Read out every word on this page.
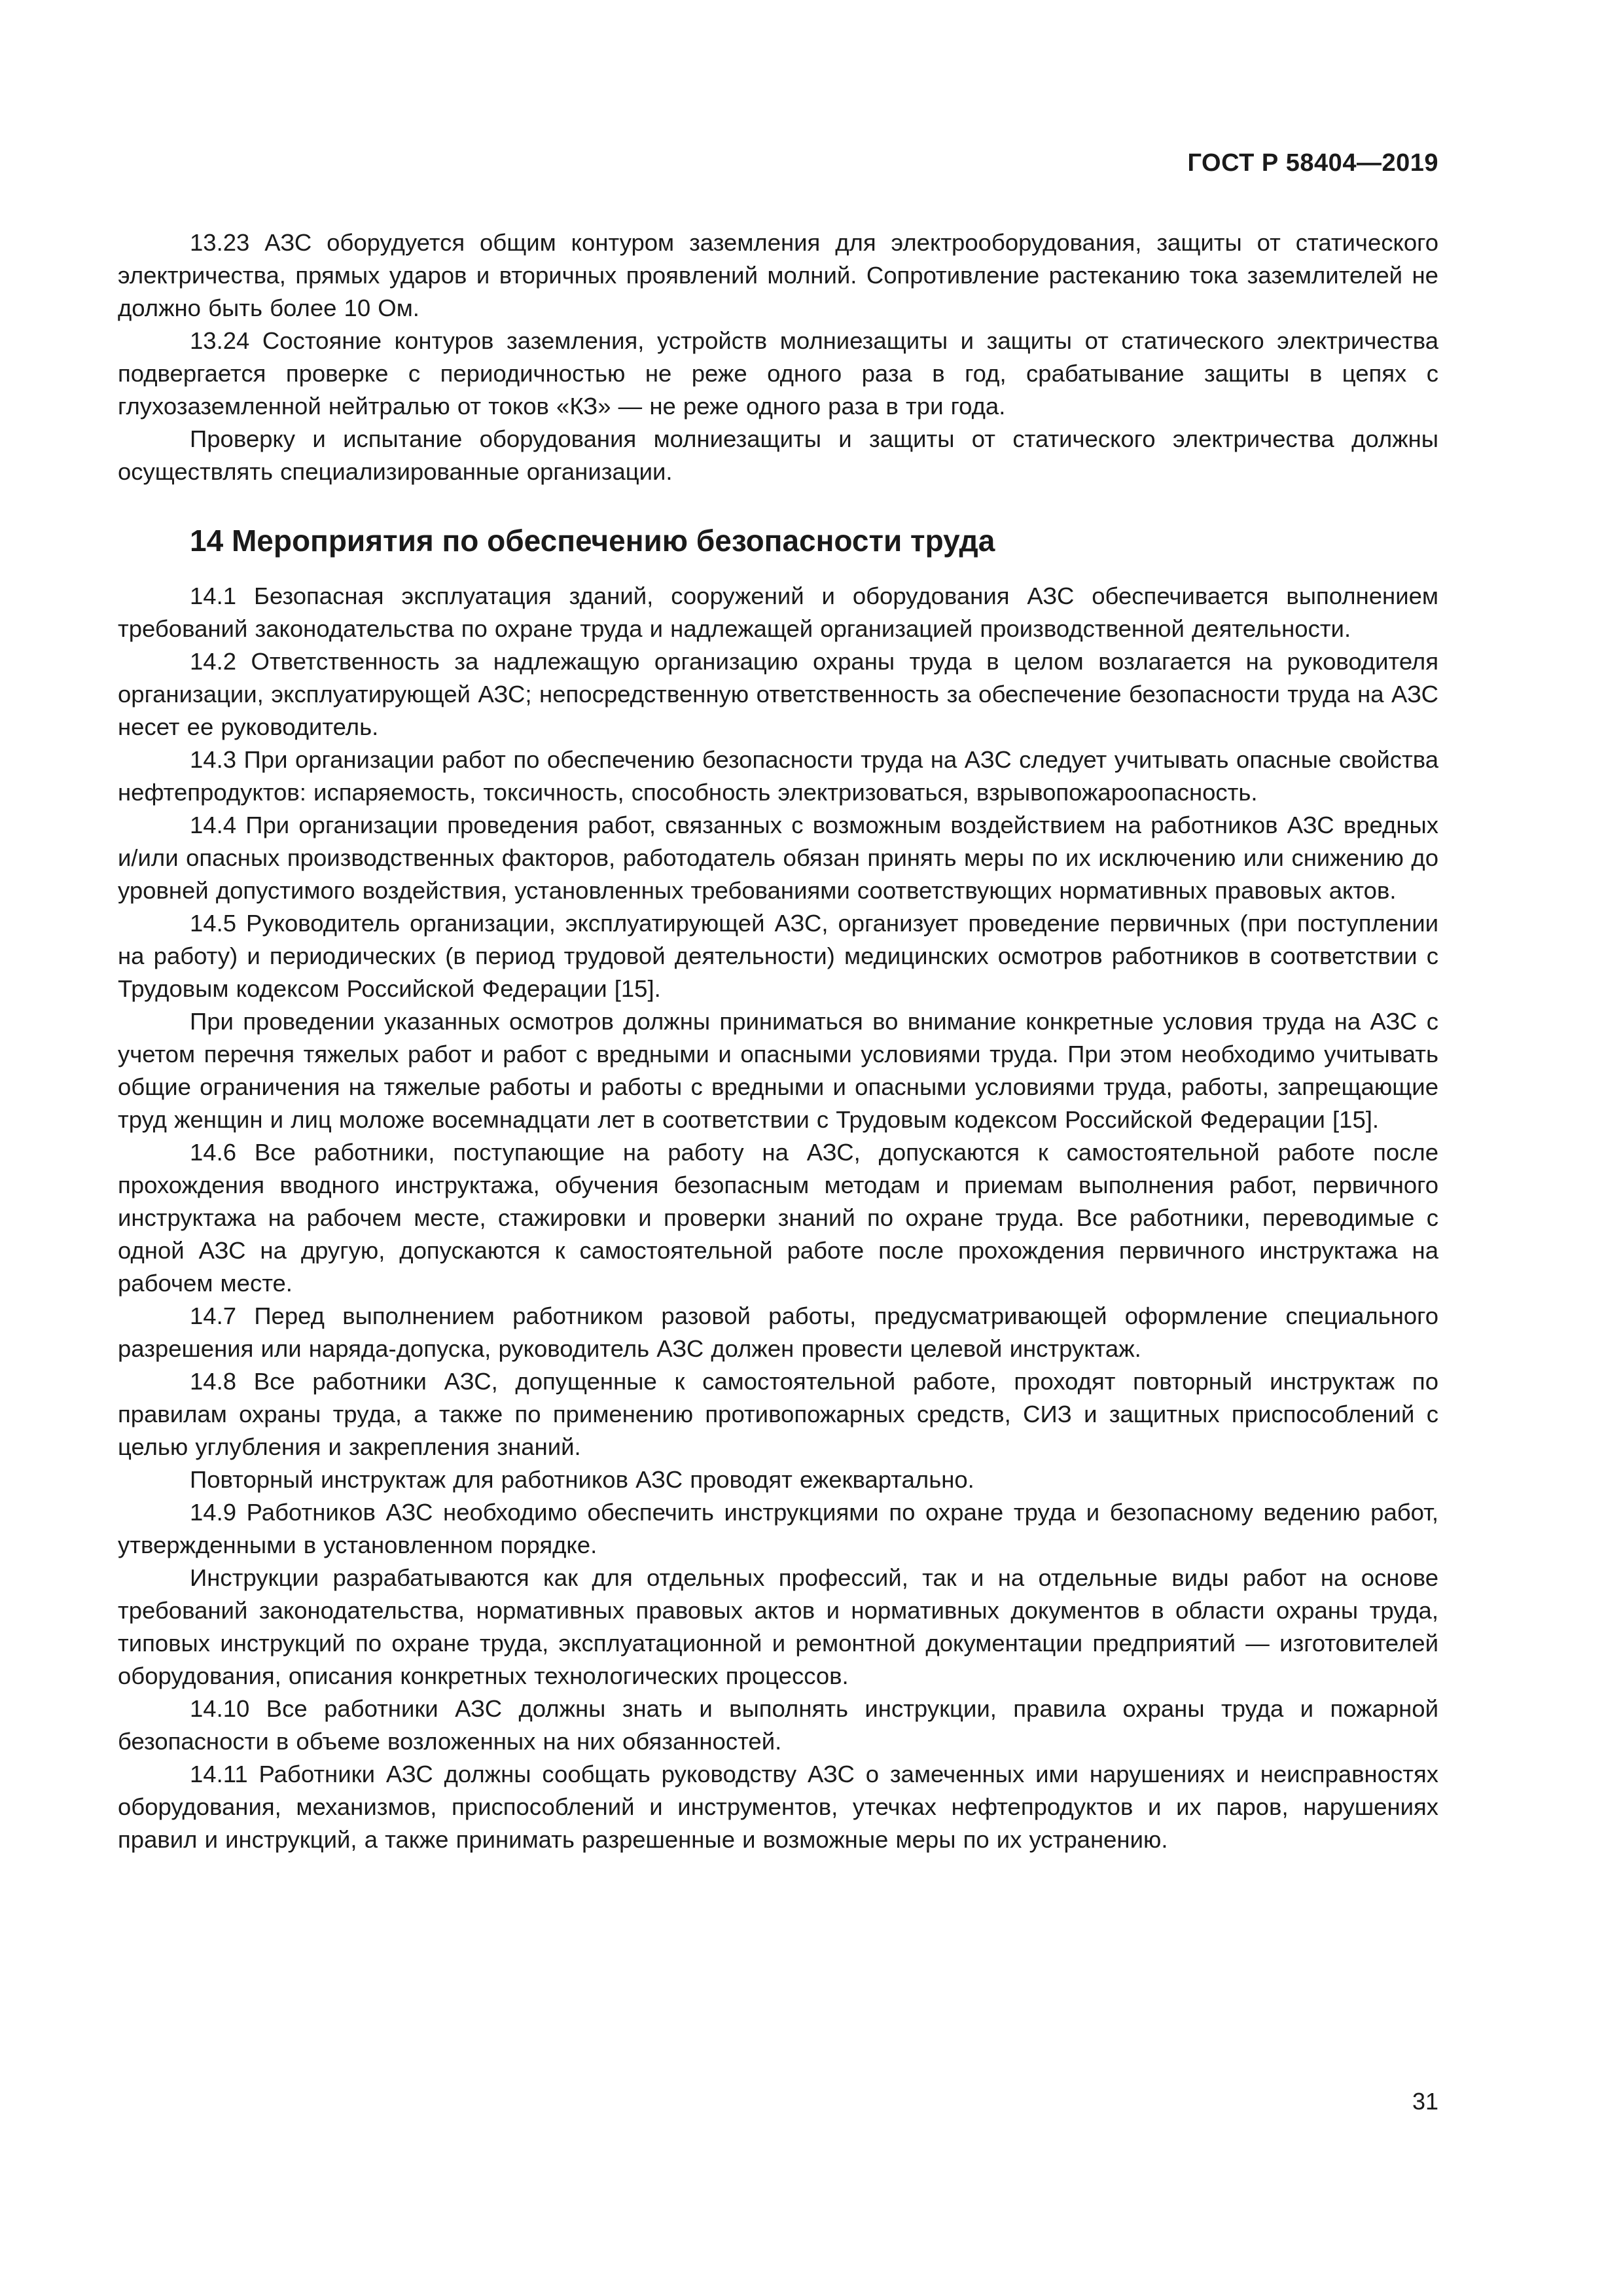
ГОСТ Р 58404—2019

13.23 АЗС оборудуется общим контуром заземления для электрооборудования, защиты от статического электричества, прямых ударов и вторичных проявлений молний. Сопротивление растеканию тока заземлителей не должно быть более 10 Ом.

13.24 Состояние контуров заземления, устройств молниезащиты и защиты от статического электричества подвергается проверке с периодичностью не реже одного раза в год, срабатывание защиты в цепях с глухозаземленной нейтралью от токов «КЗ» — не реже одного раза в три года.

Проверку и испытание оборудования молниезащиты и защиты от статического электричества должны осуществлять специализированные организации.

14 Мероприятия по обеспечению безопасности труда

14.1 Безопасная эксплуатация зданий, сооружений и оборудования АЗС обеспечивается выполнением требований законодательства по охране труда и надлежащей организацией производственной деятельности.

14.2 Ответственность за надлежащую организацию охраны труда в целом возлагается на руководителя организации, эксплуатирующей АЗС; непосредственную ответственность за обеспечение безопасности труда на АЗС несет ее руководитель.

14.3 При организации работ по обеспечению безопасности труда на АЗС следует учитывать опасные свойства нефтепродуктов: испаряемость, токсичность, способность электризоваться, взрывопожароопасность.

14.4 При организации проведения работ, связанных с возможным воздействием на работников АЗС вредных и/или опасных производственных факторов, работодатель обязан принять меры по их исключению или снижению до уровней допустимого воздействия, установленных требованиями соответствующих нормативных правовых актов.

14.5 Руководитель организации, эксплуатирующей АЗС, организует проведение первичных (при поступлении на работу) и периодических (в период трудовой деятельности) медицинских осмотров работников в соответствии с Трудовым кодексом Российской Федерации [15].

При проведении указанных осмотров должны приниматься во внимание конкретные условия труда на АЗС с учетом перечня тяжелых работ и работ с вредными и опасными условиями труда. При этом необходимо учитывать общие ограничения на тяжелые работы и работы с вредными и опасными условиями труда, работы, запрещающие труд женщин и лиц моложе восемнадцати лет в соответствии с Трудовым кодексом Российской Федерации [15].

14.6 Все работники, поступающие на работу на АЗС, допускаются к самостоятельной работе после прохождения вводного инструктажа, обучения безопасным методам и приемам выполнения работ, первичного инструктажа на рабочем месте, стажировки и проверки знаний по охране труда. Все работники, переводимые с одной АЗС на другую, допускаются к самостоятельной работе после прохождения первичного инструктажа на рабочем месте.

14.7 Перед выполнением работником разовой работы, предусматривающей оформление специального разрешения или наряда-допуска, руководитель АЗС должен провести целевой инструктаж.

14.8 Все работники АЗС, допущенные к самостоятельной работе, проходят повторный инструктаж по правилам охраны труда, а также по применению противопожарных средств, СИЗ и защитных приспособлений с целью углубления и закрепления знаний.

Повторный инструктаж для работников АЗС проводят ежеквартально.

14.9 Работников АЗС необходимо обеспечить инструкциями по охране труда и безопасному ведению работ, утвержденными в установленном порядке.

Инструкции разрабатываются как для отдельных профессий, так и на отдельные виды работ на основе требований законодательства, нормативных правовых актов и нормативных документов в области охраны труда, типовых инструкций по охране труда, эксплуатационной и ремонтной документации предприятий — изготовителей оборудования, описания конкретных технологических процессов.

14.10 Все работники АЗС должны знать и выполнять инструкции, правила охраны труда и пожарной безопасности в объеме возложенных на них обязанностей.

14.11 Работники АЗС должны сообщать руководству АЗС о замеченных ими нарушениях и неисправностях оборудования, механизмов, приспособлений и инструментов, утечках нефтепродуктов и их паров, нарушениях правил и инструкций, а также принимать разрешенные и возможные меры по их устранению.

31
